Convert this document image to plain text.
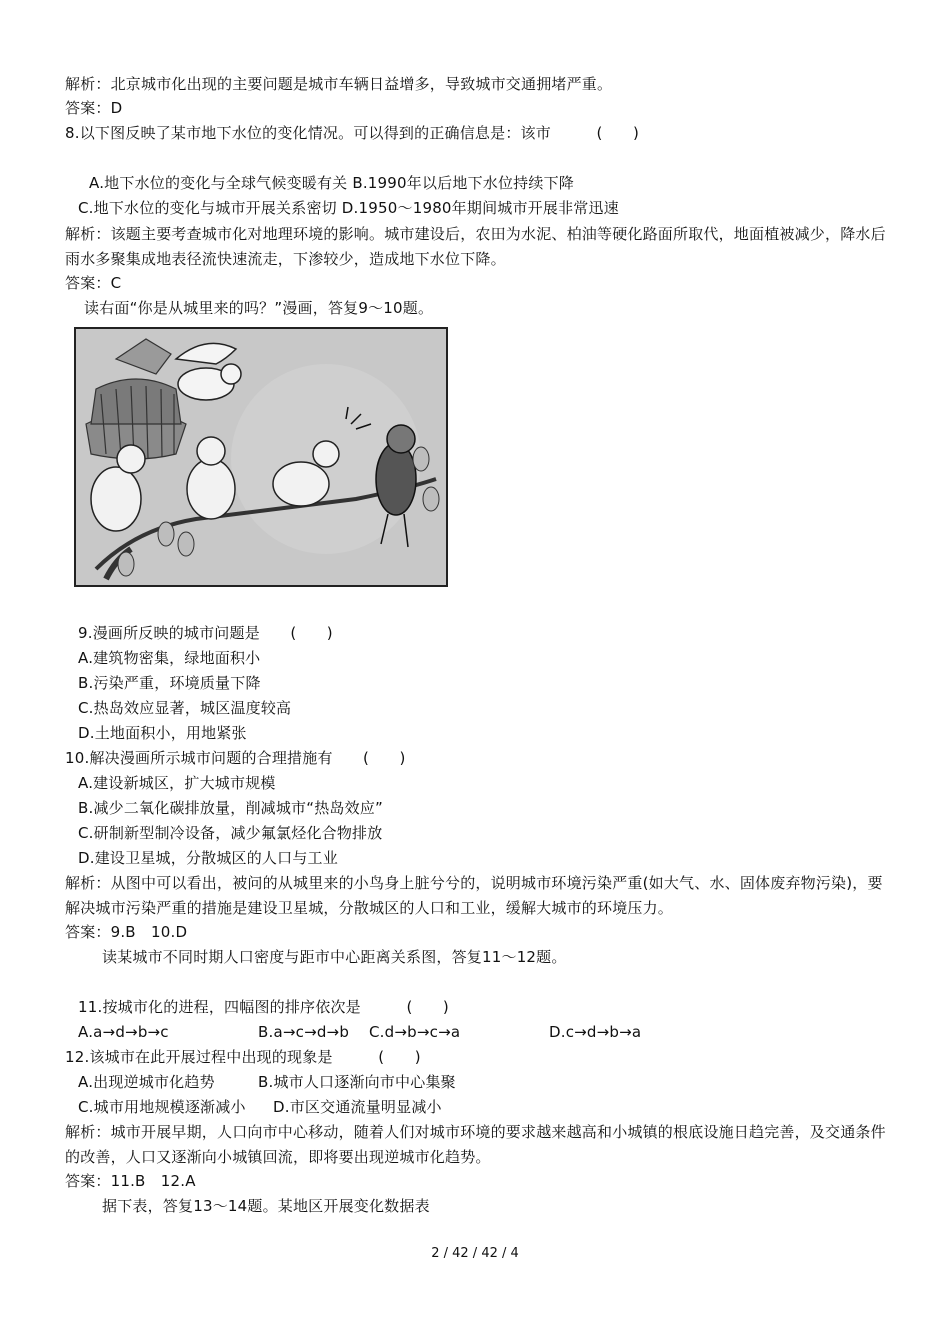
解析：北京城市化出现的主要问题是城市车辆日益增多，导致城市交通拥堵严重。
答案：D
8.以下图反映了某市地下水位的变化情况。可以得到的正确信息是：该市　　　(　　)
A.地下水位的变化与全球气候变暖有关 B.1990年以后地下水位持续下降
C.地下水位的变化与城市开展关系密切 D.1950～1980年期间城市开展非常迅速
解析：该题主要考查城市化对地理环境的影响。城市建设后，农田为水泥、柏油等硬化路面所取代，地面植被减少，降水后雨水多聚集成地表径流快速流走，下渗较少，造成地下水位下降。
答案：C
读右面“你是从城里来的吗？”漫画，答复9～10题。
9.漫画所反映的城市问题是　　(　　)
A.建筑物密集，绿地面积小
B.污染严重，环境质量下降
C.热岛效应显著，城区温度较高
D.土地面积小，用地紧张
10.解决漫画所示城市问题的合理措施有　　(　　)
A.建设新城区，扩大城市规模
B.减少二氧化碳排放量，削减城市“热岛效应”
C.研制新型制冷设备，减少氟氯烃化合物排放
D.建设卫星城，分散城区的人口与工业
解析：从图中可以看出，被问的从城里来的小鸟身上脏兮兮的，说明城市环境污染严重(如大气、水、固体废弃物污染)，要解决城市污染严重的措施是建设卫星城，分散城区的人口和工业，缓解大城市的环境压力。
答案：9.B　10.D
读某城市不同时期人口密度与距市中心距离关系图，答复11～12题。
11.按城市化的进程，四幅图的排序依次是　　　(　　)
A.a→d→b→c	B.a→c→d→b C.d→b→c→a	D.c→d→b→a
12.该城市在此开展过程中出现的现象是　　　(　　)
A.出现逆城市化趋势	B.城市人口逐渐向市中心集聚
C.城市用地规模逐渐减小 D.市区交通流量明显减小
解析：城市开展早期，人口向市中心移动，随着人们对城市环境的要求越来越高和小城镇的根底设施日趋完善，及交通条件的改善，人口又逐渐向小城镇回流，即将要出现逆城市化趋势。
答案：11.B　12.A
据下表，答复13～14题。某地区开展变化数据表
2 / 42 / 42 / 4
